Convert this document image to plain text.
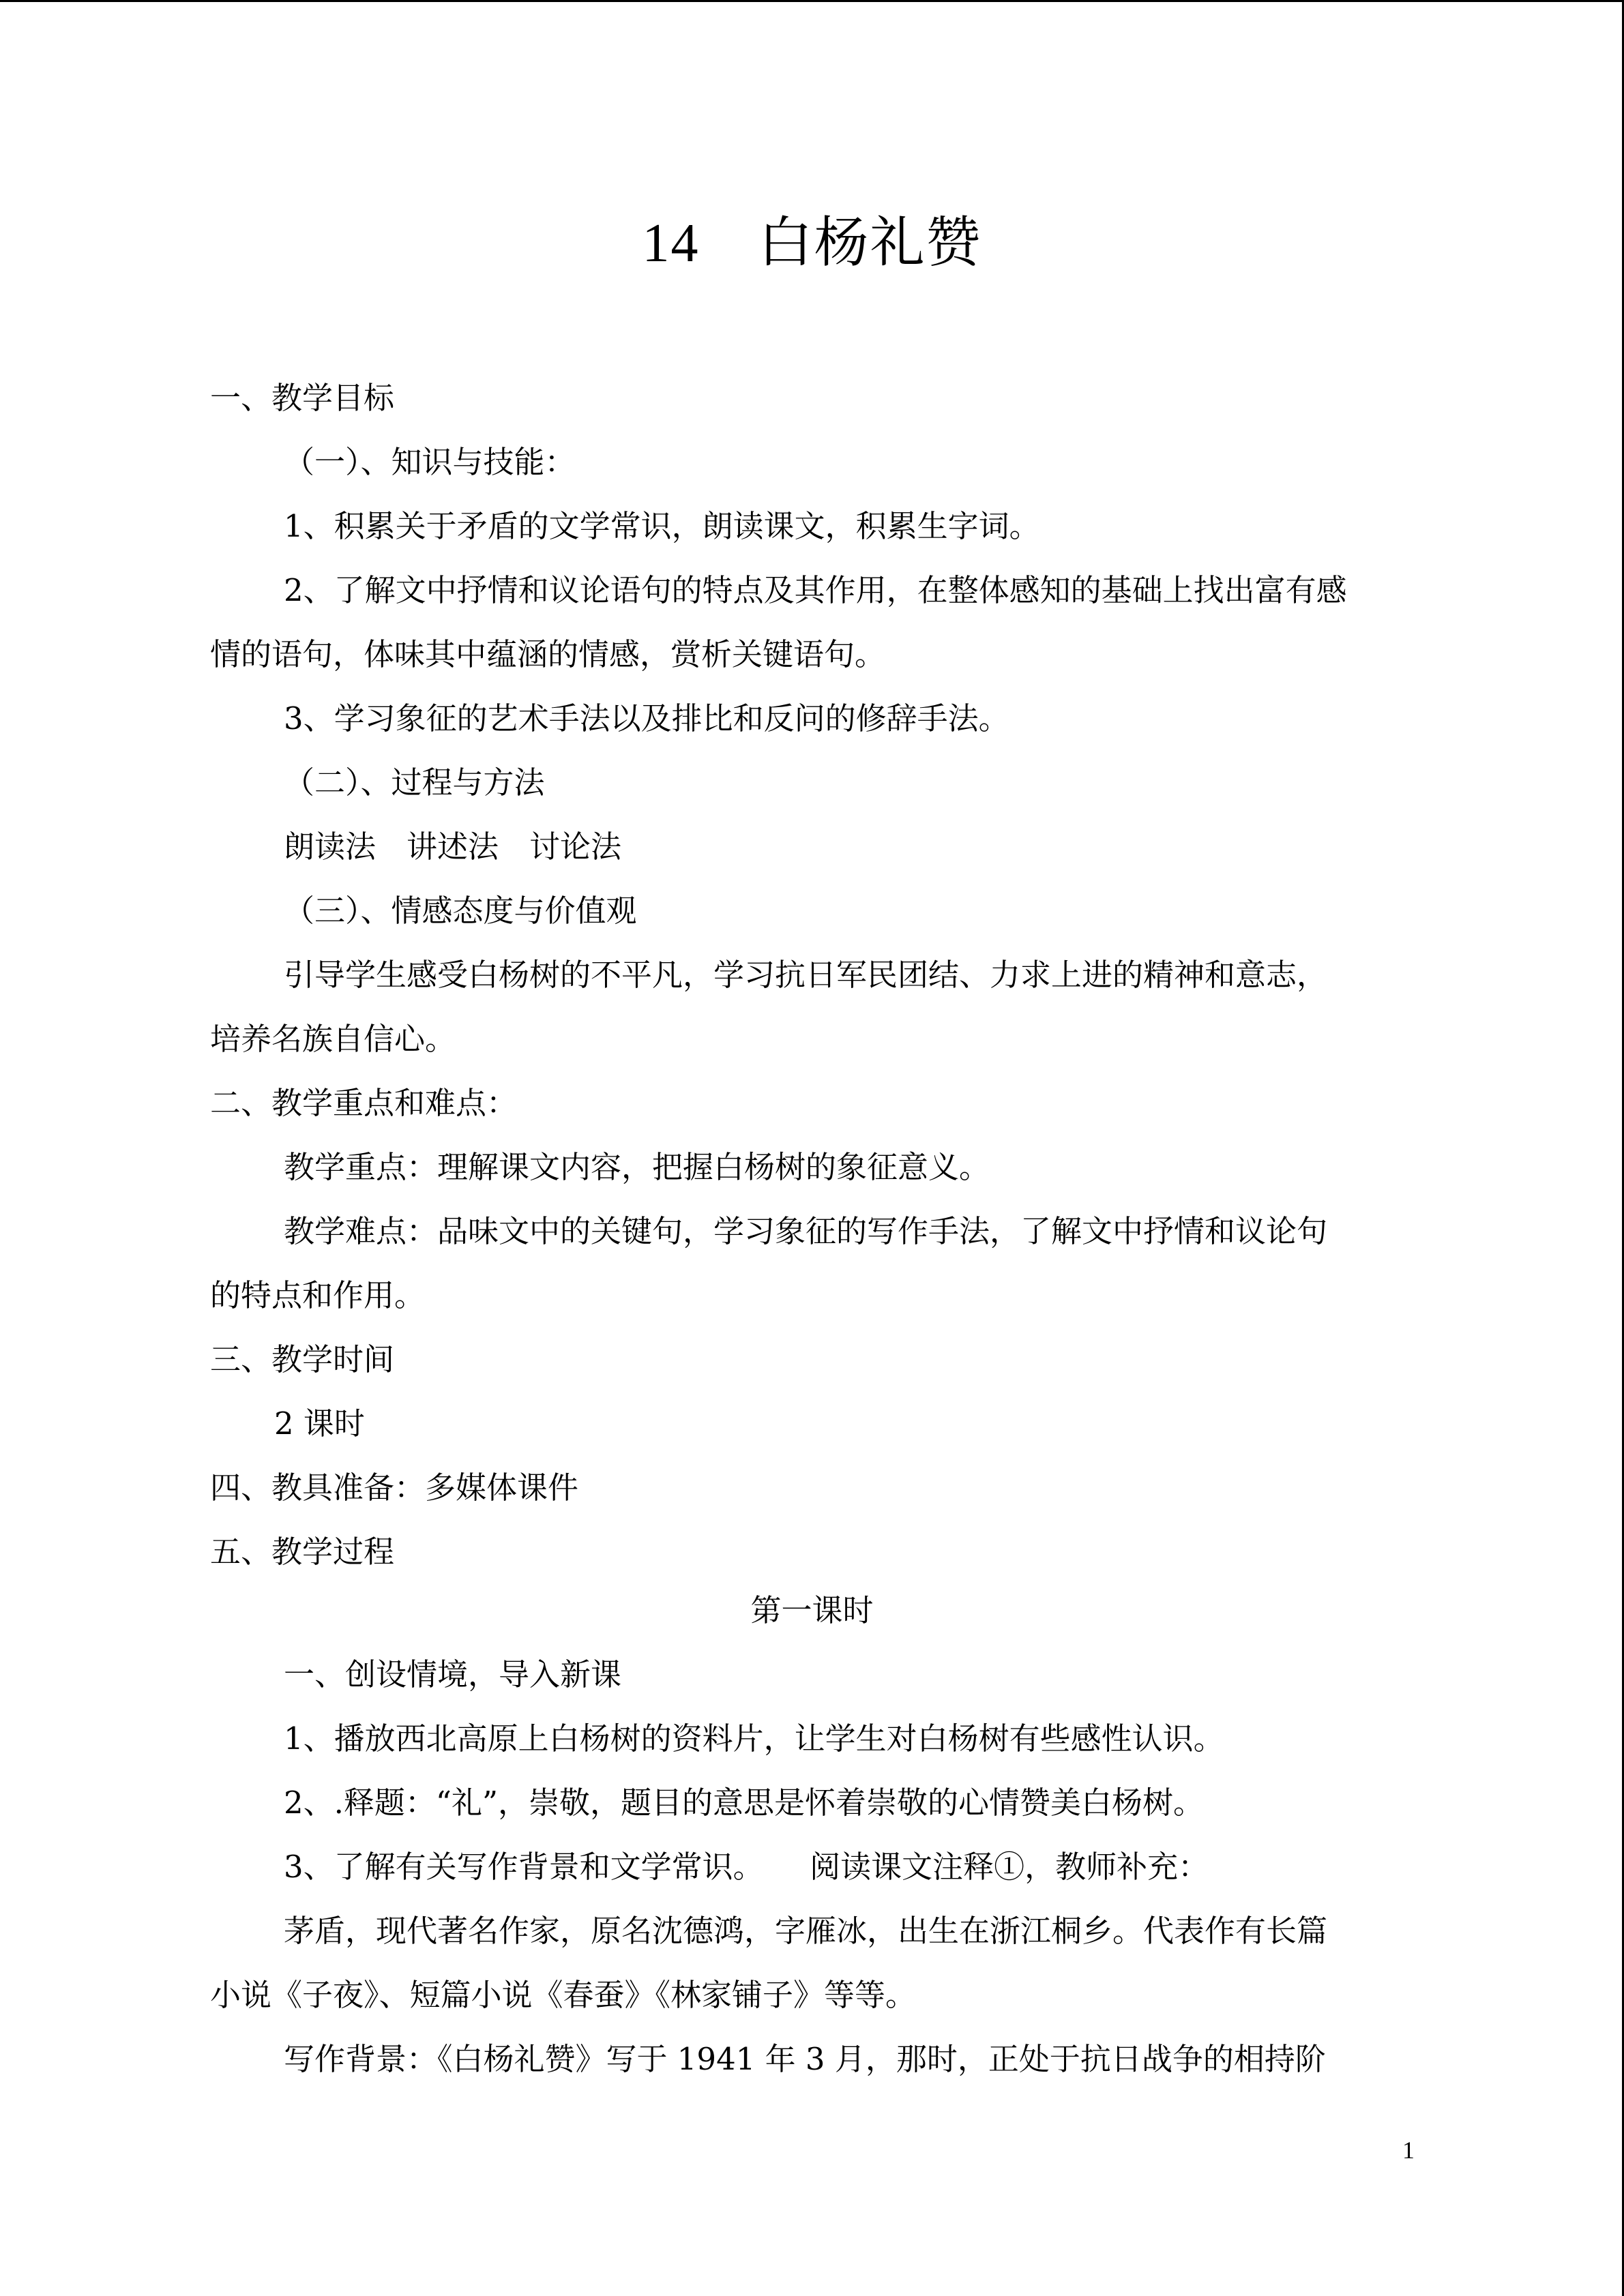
14 白杨礼赞
一、教学目标
（一）、知识与技能：
1、积累关于矛盾的文学常识，朗读课文，积累生字词。
2、了解文中抒情和议论语句的特点及其作用，在整体感知的基础上找出富有感
情的语句，体味其中蕴涵的情感，赏析关键语句。
3、学习象征的艺术手法以及排比和反问的修辞手法。
（二）、过程与方法
朗读法　讲述法　讨论法
（三）、情感态度与价值观
引导学生感受白杨树的不平凡，学习抗日军民团结、力求上进的精神和意志，
培养名族自信心。
二、教学重点和难点：
教学重点：理解课文内容，把握白杨树的象征意义。
教学难点：品味文中的关键句，学习象征的写作手法，了解文中抒情和议论句
的特点和作用。
三、教学时间
2 课时
四、教具准备：多媒体课件
五、教学过程
第一课时
一、创设情境，导入新课
1、播放西北高原上白杨树的资料片，让学生对白杨树有些感性认识。
2、.释题：“礼”，崇敬，题目的意思是怀着崇敬的心情赞美白杨树。
3、了解有关写作背景和文学常识。　　阅读课文注释①，教师补充：
茅盾，现代著名作家，原名沈德鸿，字雁冰，出生在浙江桐乡。代表作有长篇
小说《子夜》、短篇小说《春蚕》《林家铺子》等等。
写作背景：《白杨礼赞》写于 1941 年 3 月，那时，正处于抗日战争的相持阶
1
